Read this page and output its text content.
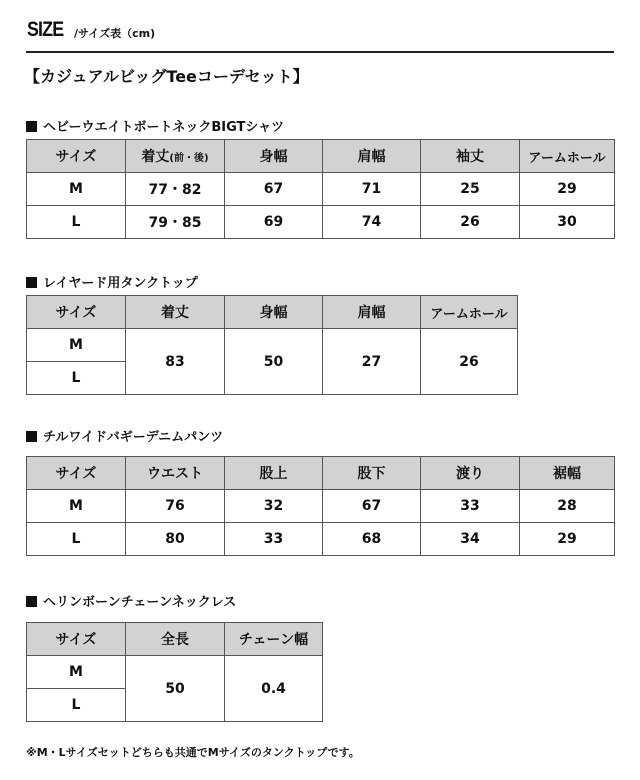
SIZE /サイズ表（cm)
【カジュアルビッグTeeコーデセット】
ヘビーウエイトボートネックBIGTシャツ
サイズ	着丈(前・後)	身幅	肩幅	袖丈	アームホール
M	77・82	67	71	25	29
L	79・85	69	74	26	30
レイヤード用タンクトップ
サイズ	着丈	身幅	肩幅	アームホール
M	83	50	27	26
L				
チルワイドバギーデニムパンツ
サイズ	ウエスト	股上	股下	渡り	裾幅
M	76	32	67	33	28
L	80	33	68	34	29
ヘリンボーンチェーンネックレス
サイズ	全長	チェーン幅
M	50	0.4
L		
※M・Lサイズセットどちらも共通でMサイズのタンクトップです。
